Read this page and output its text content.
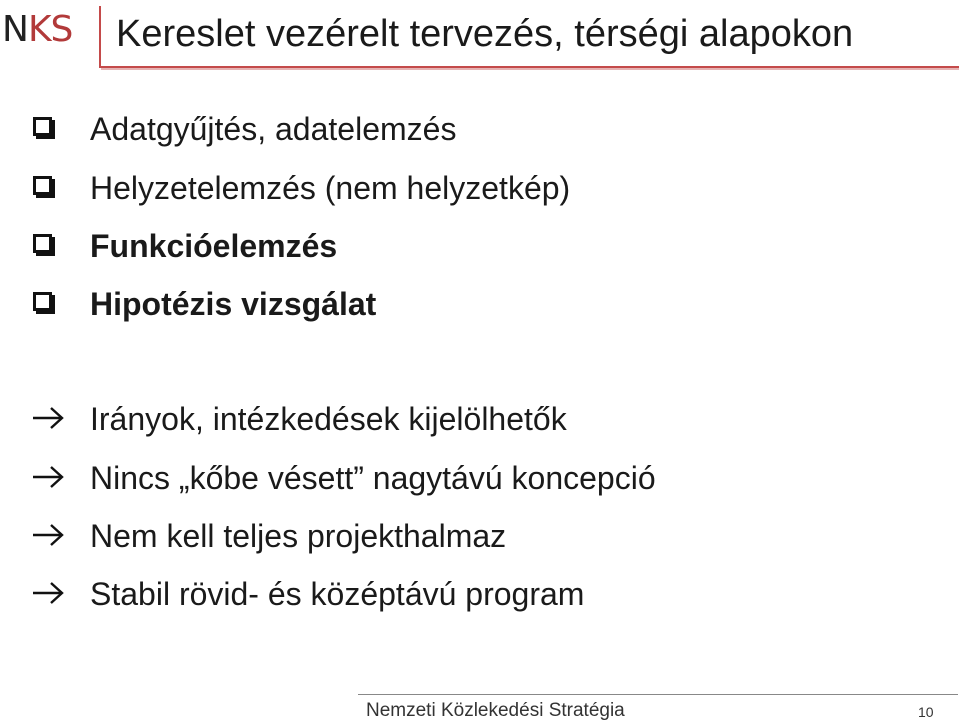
NKS Kereslet vezérelt tervezés, térségi alapokon
Adatgyűjtés, adatelemzés
Helyzetelemzés (nem helyzetkép)
Funkcióelemzés
Hipotézis vizsgálat
Irányok, intézkedések kijelölhetők
Nincs „kőbe vésett” nagytávú koncepció
Nem kell teljes projekthalmaz
Stabil rövid- és középtávú program
Nemzeti Közlekedési Stratégia	10
